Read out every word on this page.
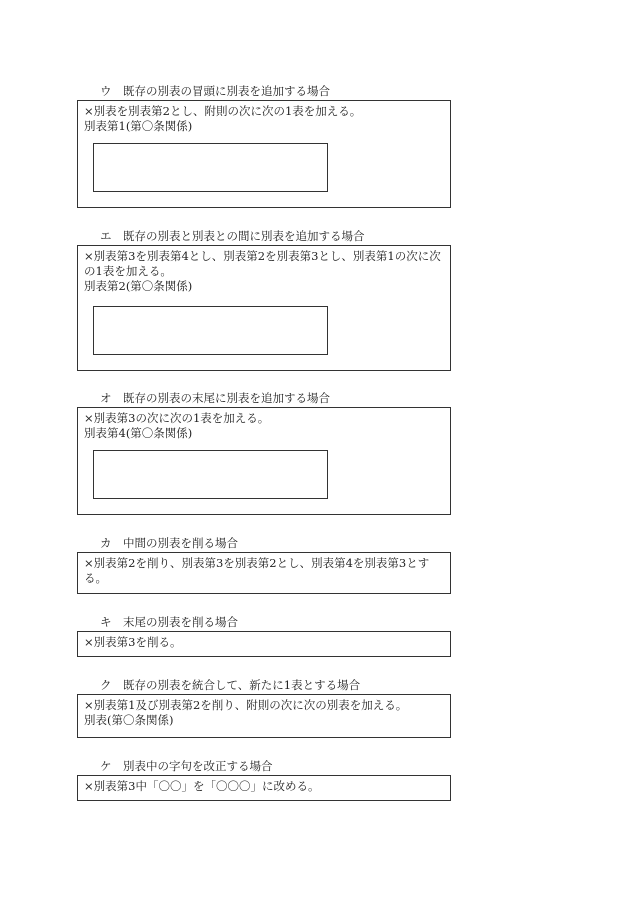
ウ　既存の別表の冒頭に別表を追加する場合
×別表を別表第2とし、附則の次に次の1表を加える。
別表第1(第〇条関係)
エ　既存の別表と別表との間に別表を追加する場合
×別表第3を別表第4とし、別表第2を別表第3とし、別表第1の次に次
の1表を加える。
別表第2(第〇条関係)
オ　既存の別表の末尾に別表を追加する場合
×別表第3の次に次の1表を加える。
別表第4(第〇条関係)
カ　中間の別表を削る場合
×別表第2を削り、別表第3を別表第2とし、別表第4を別表第3とす
る。
キ　末尾の別表を削る場合
×別表第3を削る。
ク　既存の別表を統合して、新たに1表とする場合
×別表第1及び別表第2を削り、附則の次に次の別表を加える。
別表(第〇条関係)
ケ　別表中の字句を改正する場合
×別表第3中「〇〇」を「〇〇〇」に改める。
